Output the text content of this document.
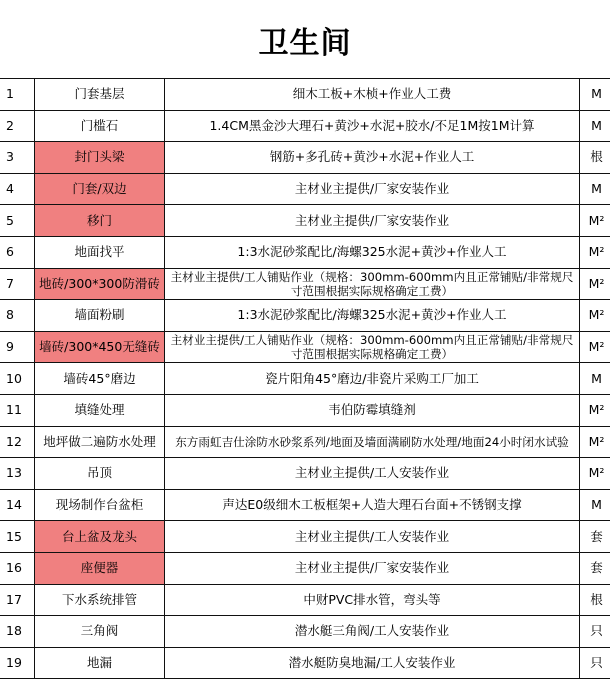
卫生间
1	门套基层	细木工板+木桢+作业人工费	M
2	门槛石	1.4CM黑金沙大理石+黄沙+水泥+胶水/不足1M按1M计算	M
3	封门头梁	钢筋+多孔砖+黄沙+水泥+作业人工	根
4	门套/双边	主材业主提供/厂家安装作业	M
5	移门	主材业主提供/厂家安装作业	M²
6	地面找平	1:3水泥砂浆配比/海螺325水泥+黄沙+作业人工	M²
7	地砖/300*300防滑砖	主材业主提供/工人铺贴作业（规格：300mm-600mm内且正常铺贴/非常规尺寸范围根据实际规格确定工费）	M²
8	墙面粉刷	1:3水泥砂浆配比/海螺325水泥+黄沙+作业人工	M²
9	墙砖/300*450无缝砖	主材业主提供/工人铺贴作业（规格：300mm-600mm内且正常铺贴/非常规尺寸范围根据实际规格确定工费）	M²
10	墙砖45°磨边	瓷片阳角45°磨边/非瓷片采购工厂加工	M
11	填缝处理	韦伯防霉填缝剂	M²
12	地坪做二遍防水处理	东方雨虹吉仕涂防水砂浆系列/地面及墙面满刷防水处理/地面24小时闭水试验	M²
13	吊顶	主材业主提供/工人安装作业	M²
14	现场制作台盆柜	声达E0级细木工板框架+人造大理石台面+不锈钢支撑	M
15	台上盆及龙头	主材业主提供/工人安装作业	套
16	座便器	主材业主提供/厂家安装作业	套
17	下水系统排管	中财PVC排水管，弯头等	根
18	三角阀	潜水艇三角阀/工人安装作业	只
19	地漏	潜水艇防臭地漏/工人安装作业	只
